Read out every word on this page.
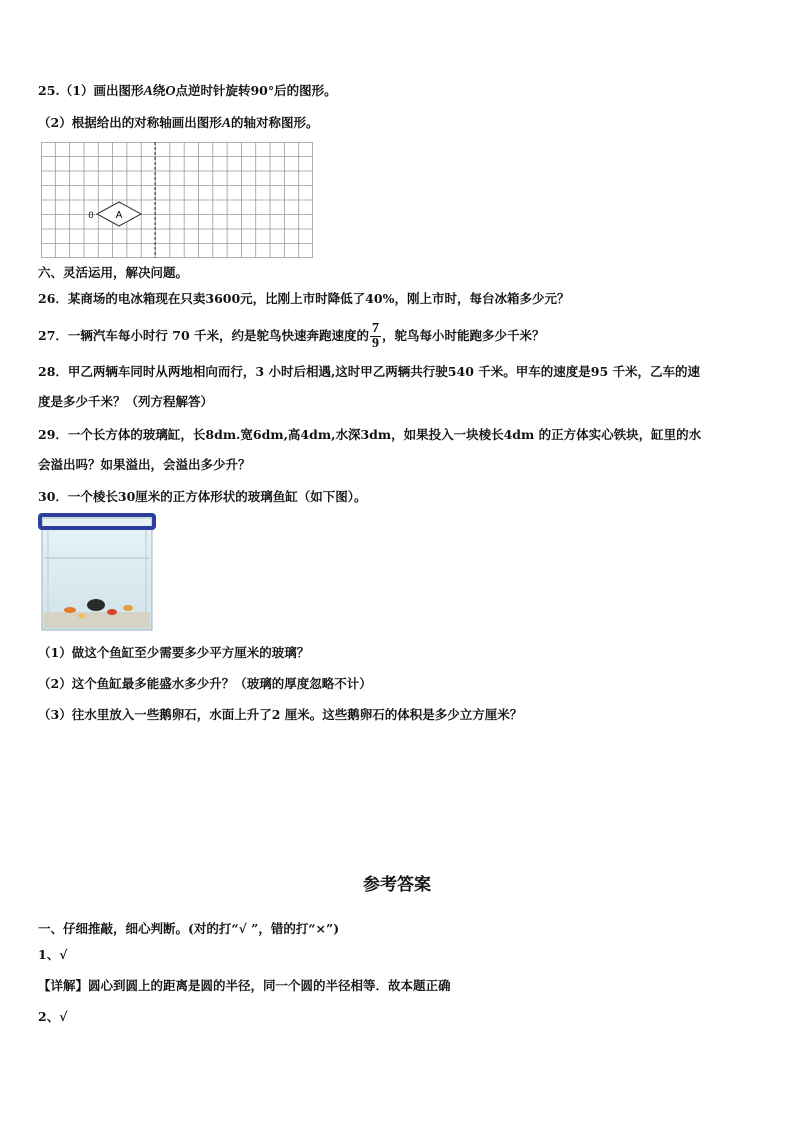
25.（1）画出图形A绕O点逆时针旋转90°后的图形。
（2）根据给出的对称轴画出图形A的轴对称图形。
A
0
六、灵活运用，解决问题。
26．某商场的电冰箱现在只卖3600元，比刚上市时降低了40%，刚上市时，每台冰箱多少元？
27．一辆汽车每小时行 70 千米，约是鸵鸟快速奔跑速度的 $\frac{7}{9}$ ，鸵鸟每小时能跑多少千米？
28．甲乙两辆车同时从两地相向而行，3 小时后相遇,这时甲乙两辆共行驶540 千米。甲车的速度是95 千米，乙车的速
度是多少千米？（列方程解答）
29．一个长方体的玻璃缸，长8dm.宽6dm,高4dm,水深3dm，如果投入一块棱长4dm 的正方体实心铁块，缸里的水
会溢出吗？如果溢出，会溢出多少升？
30．一个棱长30厘米的正方体形状的玻璃鱼缸（如下图）。
（1）做这个鱼缸至少需要多少平方厘米的玻璃？
（2）这个鱼缸最多能盛水多少升？（玻璃的厚度忽略不计）
（3）往水里放入一些鹅卵石，水面上升了2 厘米。这些鹅卵石的体积是多少立方厘米？
参考答案
一、仔细推敲，细心判断。(对的打“√ ”，错的打“×”)
1、√
【详解】圆心到圆上的距离是圆的半径，同一个圆的半径相等．故本题正确
2、√
